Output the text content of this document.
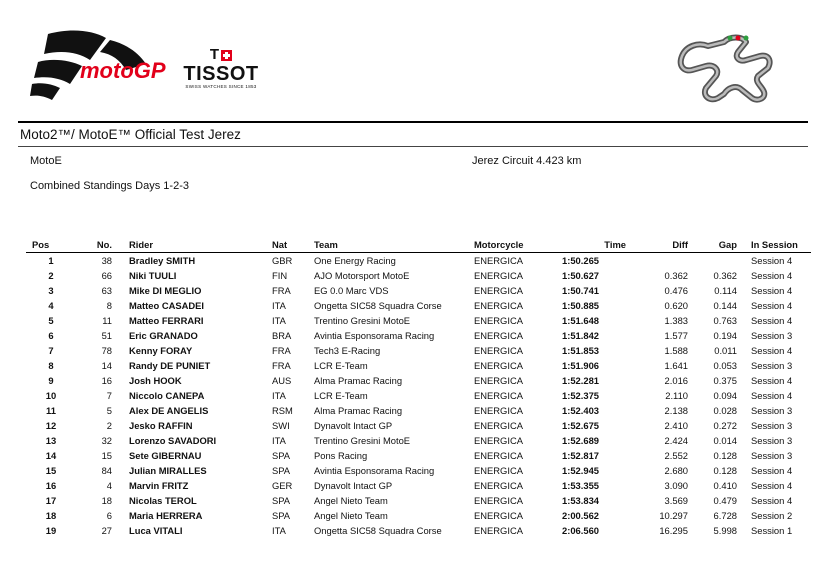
motoGP
T
TISSOT
SWISS WATCHES SINCE 1853
Moto2™/ MotoE™ Official Test Jerez
MotoE	Jerez Circuit 4.423 km
Combined Standings Days 1-2-3
Pos	No.	Rider	Nat	Team	Motorcycle	Time	Diff	Gap	In Session
1	38	Bradley SMITH	GBR	One Energy Racing	ENERGICA	1:50.265			Session 4
2	66	Niki TUULI	FIN	AJO Motorsport MotoE	ENERGICA	1:50.627	0.362	0.362	Session 4
3	63	Mike DI MEGLIO	FRA	EG 0.0 Marc VDS	ENERGICA	1:50.741	0.476	0.114	Session 4
4	8	Matteo CASADEI	ITA	Ongetta SIC58 Squadra Corse	ENERGICA	1:50.885	0.620	0.144	Session 4
5	11	Matteo FERRARI	ITA	Trentino Gresini MotoE	ENERGICA	1:51.648	1.383	0.763	Session 4
6	51	Eric GRANADO	BRA	Avintia Esponsorama Racing	ENERGICA	1:51.842	1.577	0.194	Session 3
7	78	Kenny FORAY	FRA	Tech3 E-Racing	ENERGICA	1:51.853	1.588	0.011	Session 4
8	14	Randy DE PUNIET	FRA	LCR E-Team	ENERGICA	1:51.906	1.641	0.053	Session 3
9	16	Josh HOOK	AUS	Alma Pramac Racing	ENERGICA	1:52.281	2.016	0.375	Session 4
10	7	Niccolo CANEPA	ITA	LCR E-Team	ENERGICA	1:52.375	2.110	0.094	Session 4
11	5	Alex DE ANGELIS	RSM	Alma Pramac Racing	ENERGICA	1:52.403	2.138	0.028	Session 3
12	2	Jesko RAFFIN	SWI	Dynavolt Intact GP	ENERGICA	1:52.675	2.410	0.272	Session 3
13	32	Lorenzo SAVADORI	ITA	Trentino Gresini MotoE	ENERGICA	1:52.689	2.424	0.014	Session 3
14	15	Sete GIBERNAU	SPA	Pons Racing	ENERGICA	1:52.817	2.552	0.128	Session 3
15	84	Julian MIRALLES	SPA	Avintia Esponsorama Racing	ENERGICA	1:52.945	2.680	0.128	Session 4
16	4	Marvin FRITZ	GER	Dynavolt Intact GP	ENERGICA	1:53.355	3.090	0.410	Session 4
17	18	Nicolas TEROL	SPA	Angel Nieto Team	ENERGICA	1:53.834	3.569	0.479	Session 4
18	6	Maria HERRERA	SPA	Angel Nieto Team	ENERGICA	2:00.562	10.297	6.728	Session 2
19	27	Luca VITALI	ITA	Ongetta SIC58 Squadra Corse	ENERGICA	2:06.560	16.295	5.998	Session 1
